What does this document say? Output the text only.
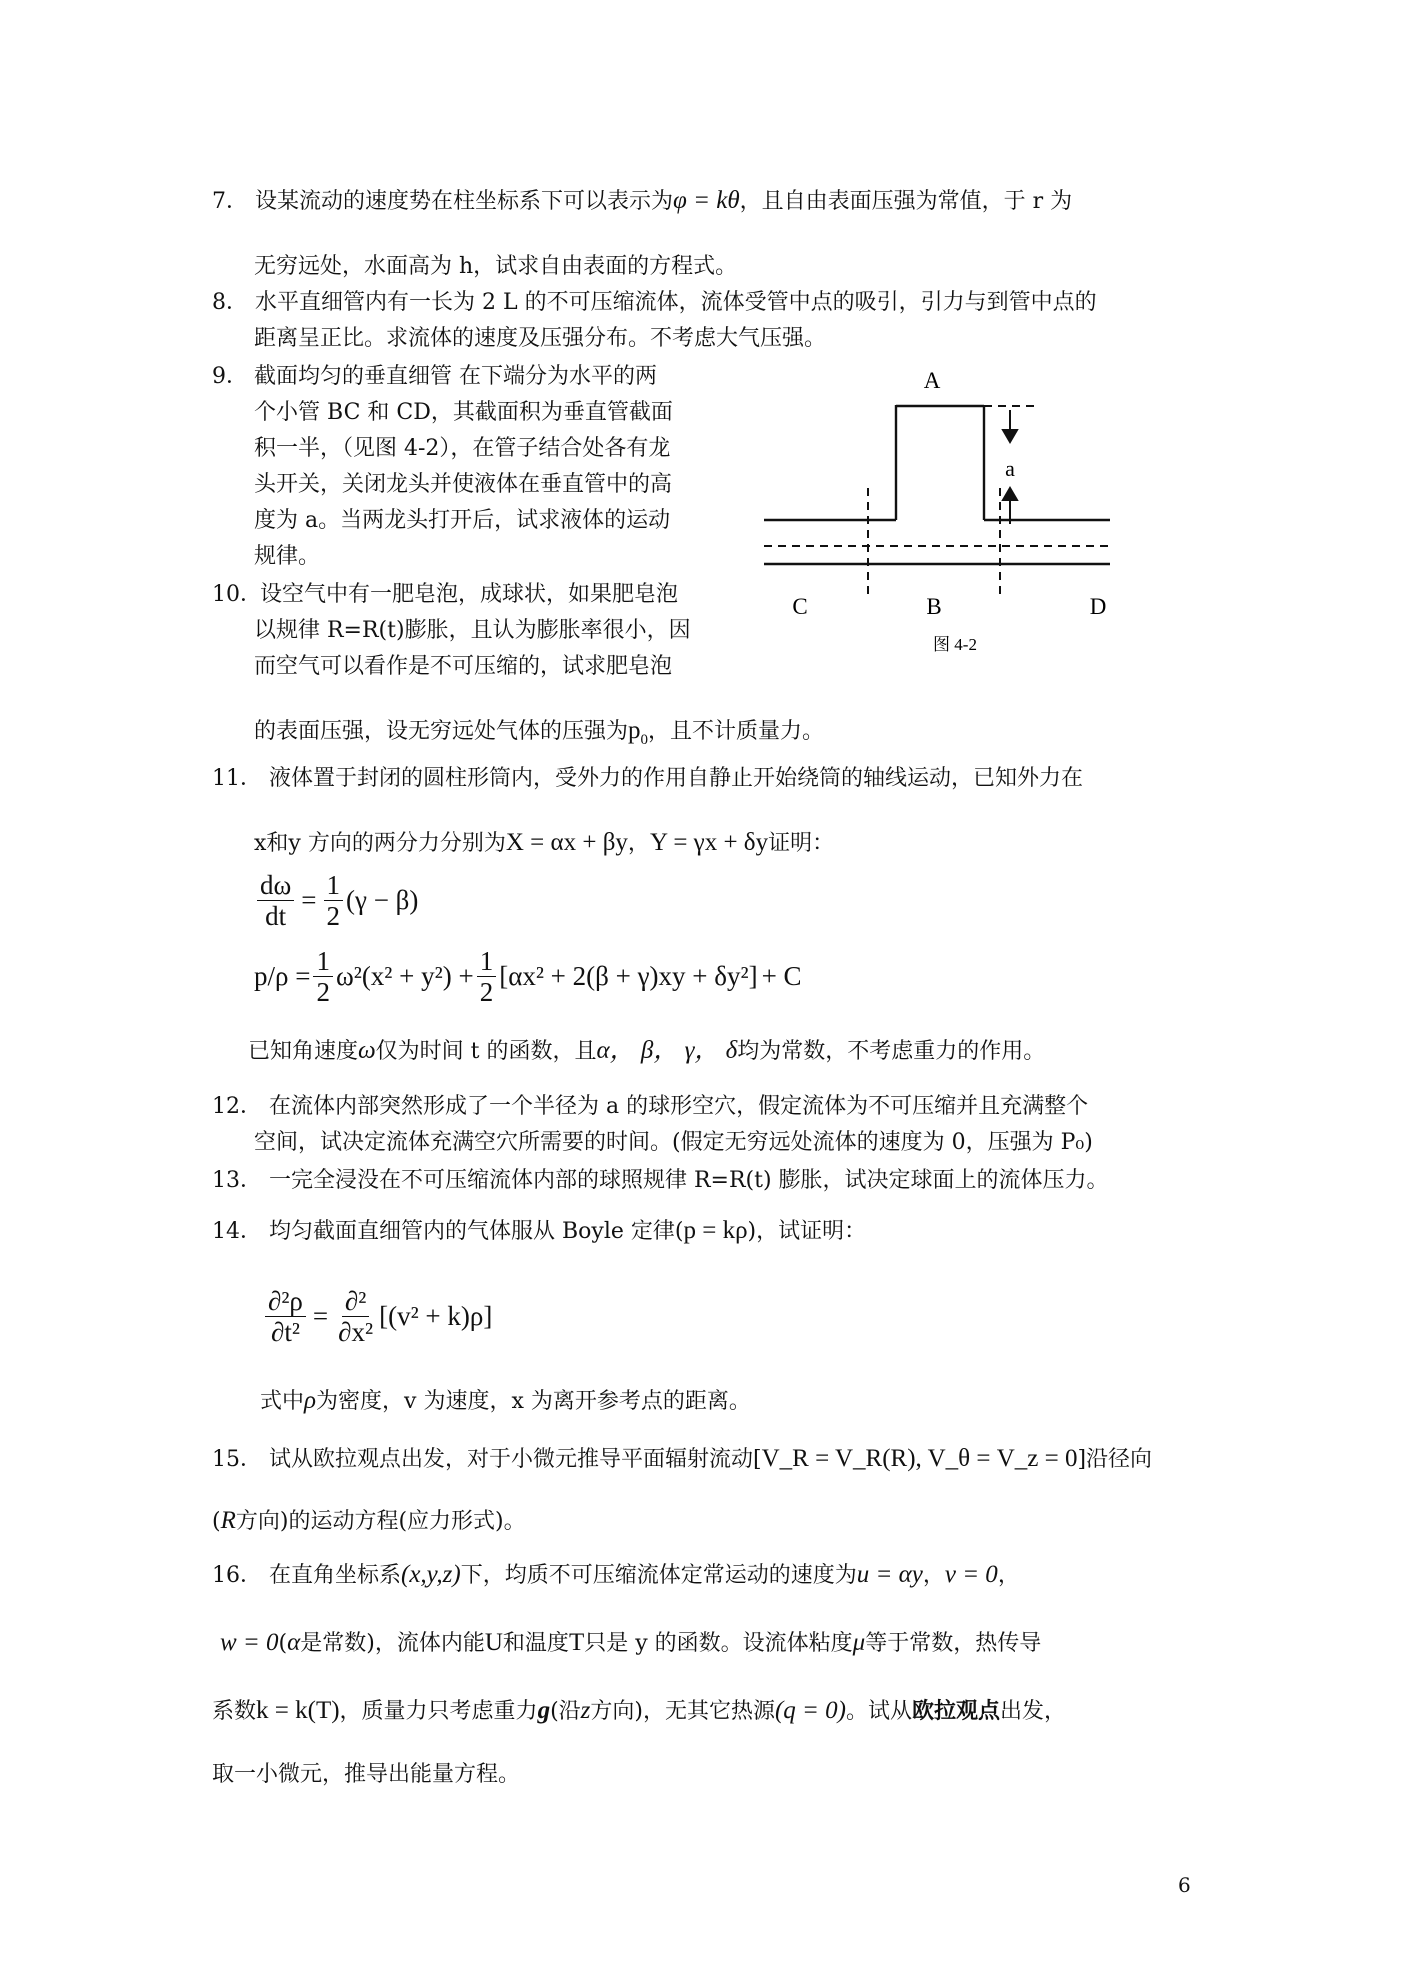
7． 设某流动的速度势在柱坐标系下可以表示为φ = kθ，且自由表面压强为常值，于 r 为
无穷远处，水面高为 h，试求自由表面的方程式。
8． 水平直细管内有一长为 2 L 的不可压缩流体，流体受管中点的吸引，引力与到管中点的
距离呈正比。求流体的速度及压强分布。不考虑大气压强。
9． 截面均匀的垂直细管 在下端分为水平的两
个小管 BC 和 CD，其截面积为垂直管截面
积一半，（见图 4-2），在管子结合处各有龙
头开关，关闭龙头并使液体在垂直管中的高
度为 a。当两龙头打开后，试求液体的运动
规律。
10．
设空气中有一肥皂泡，成球状，如果肥皂泡
以规律 R=R(t)膨胀，且认为膨胀率很小，因
而空气可以看作是不可压缩的，试求肥皂泡
的表面压强，设无穷远处气体的压强为$p_0$，且不计质量力。
A
a
C	B	D
图 4-2
11． 液体置于封闭的圆柱形筒内，受外力的作用自静止开始绕筒的轴线运动，已知外力在
x和y 方向的两分力分别为X = αx + βy，Y = γx + δy证明：
$\frac{d\omega}{dt} = \frac{1}{2} (\gamma - \beta)$
$p/\rho = \frac{1}{2} \omega^2(x^2 + y^2) + \frac{1}{2} [\alpha x^2 + 2(\beta + \gamma)xy + \delta y^2] + C$
已知角速度ω仅为时间 t 的函数，且α， β， γ， δ均为常数，不考虑重力的作用。
12． 在流体内部突然形成了一个半径为 a 的球形空穴，假定流体为不可压缩并且充满整个
空间，试决定流体充满空穴所需要的时间。(假定无穷远处流体的速度为 0，压强为 P₀)
13． 一完全浸没在不可压缩流体内部的球照规律 R=R(t) 膨胀，试决定球面上的流体压力。
14． 均匀截面直细管内的气体服从 Boyle 定律(p = kρ)，试证明：
$\frac{\text{∂²ρ}}{\text{∂t²}} = \frac{\text{∂²}}{\text{∂x²}} [(v^2 + k)\rho]$
式中ρ为密度，v 为速度，x 为离开参考点的距离。
15． 试从欧拉观点出发，对于小微元推导平面辐射流动[V_R = V_R(R), V_θ = V_z = 0]沿径向
(R方向)的运动方程(应力形式)。
16． 在直角坐标系(x,y,z)下，均质不可压缩流体定常运动的速度为u = αy，v = 0，
w = 0(α是常数)，流体内能U和温度T只是 y 的函数。设流体粘度μ等于常数，热传导
系数k = k(T)，质量力只考虑重力g(沿z方向)，无其它热源(q = 0)。试从欧拉观点出发，
取一小微元，推导出能量方程。
6
